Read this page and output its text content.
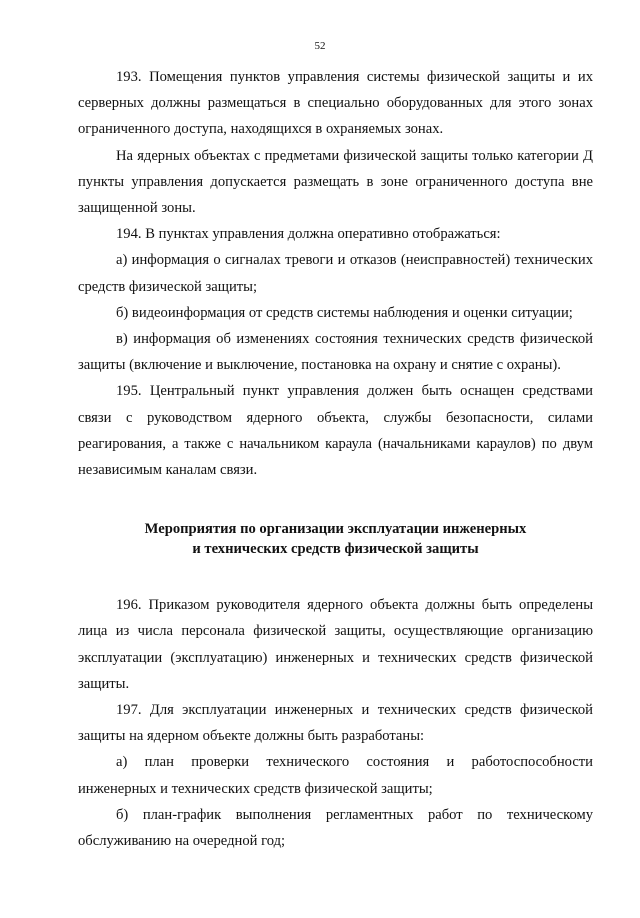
52

193. Помещения пунктов управления системы физической защиты и их серверных должны размещаться в специально оборудованных для этого зонах ограниченного доступа, находящихся в охраняемых зонах.

На ядерных объектах с предметами физической защиты только категории Д пункты управления допускается размещать в зоне ограниченного доступа вне защищенной зоны.

194. В пунктах управления должна оперативно отображаться:

а) информация о сигналах тревоги и отказов (неисправностей) технических средств физической защиты;

б) видеоинформация от средств системы наблюдения и оценки ситуации;

в) информация об изменениях состояния технических средств физической защиты (включение и выключение, постановка на охрану и снятие с охраны).

195. Центральный пункт управления должен быть оснащен средствами связи с руководством ядерного объекта, службы безопасности, силами реагирования, а также с начальником караула (начальниками караулов) по двум независимым каналам связи.

Мероприятия по организации эксплуатации инженерных
и технических средств физической защиты

196. Приказом руководителя ядерного объекта должны быть определены лица из числа персонала физической защиты, осуществляющие организацию эксплуатации (эксплуатацию) инженерных и технических средств физической защиты.

197. Для эксплуатации инженерных и технических средств физической защиты на ядерном объекте должны быть разработаны:

а) план проверки технического состояния и работоспособности инженерных и технических средств физической защиты;

б) план-график выполнения регламентных работ по техническому обслуживанию на очередной год;
